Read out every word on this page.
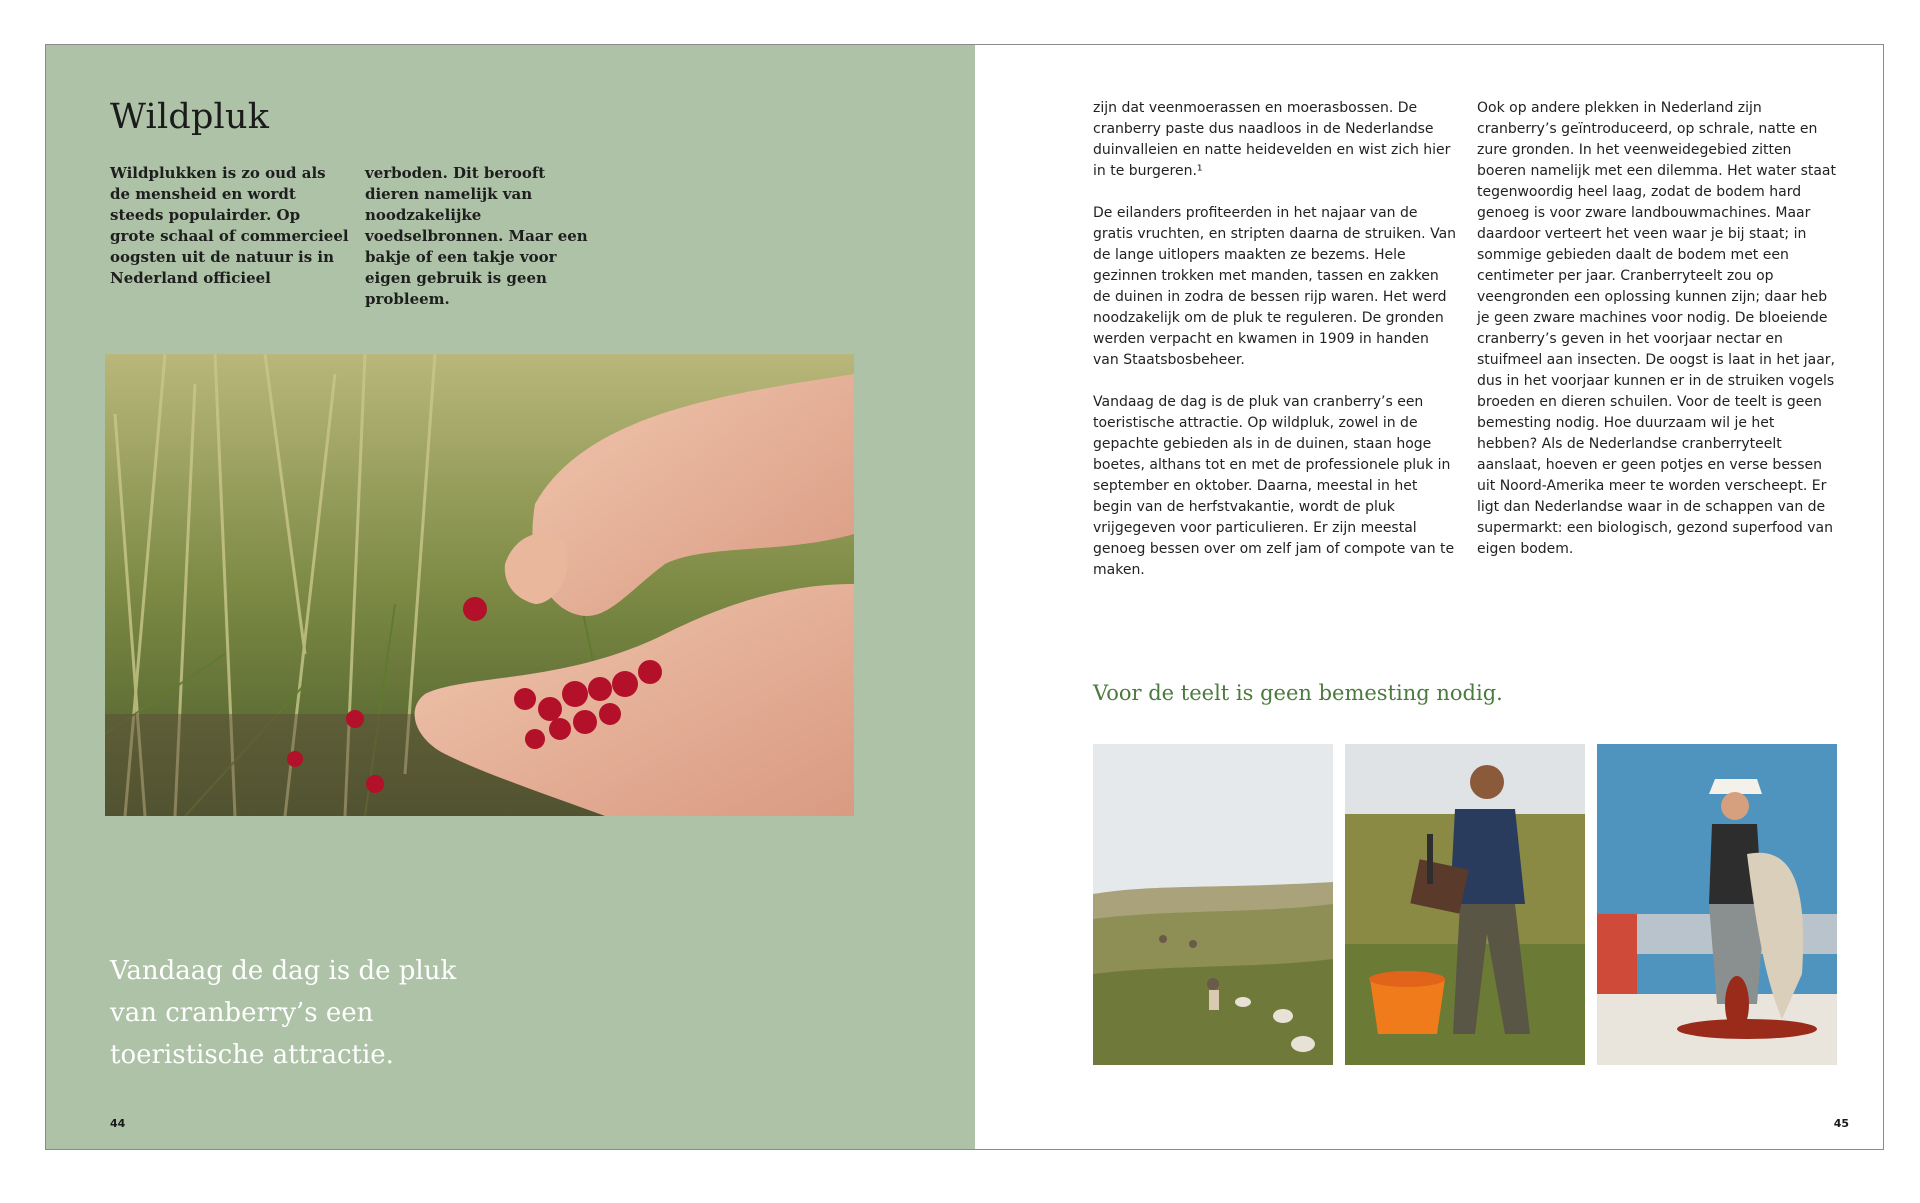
Wildpluk

Wildplukken is zo oud als de mensheid en wordt steeds populairder. Op grote schaal of commercieel oogsten uit de natuur is in Nederland officieel

verboden. Dit berooft dieren namelijk van noodzakelijke voedselbronnen. Maar een bakje of een takje voor eigen gebruik is geen probleem.

Vandaag de dag is de pluk van cranberry’s een toeristische attractie.

44

zijn dat veenmoerassen en moerasbossen. De cranberry paste dus naadloos in de Nederlandse duinvalleien en natte heidevelden en wist zich hier in te burgeren.¹

De eilanders profiteerden in het najaar van de gratis vruchten, en stripten daarna de struiken. Van de lange uitlopers maakten ze bezems. Hele gezinnen trokken met manden, tassen en zakken de duinen in zodra de bessen rijp waren. Het werd noodzakelijk om de pluk te reguleren. De gronden werden verpacht en kwamen in 1909 in handen van Staatsbosbeheer.

Vandaag de dag is de pluk van cranberry’s een toeristische attractie. Op wildpluk, zowel in de gepachte gebieden als in de duinen, staan hoge boetes, althans tot en met de professionele pluk in september en oktober. Daarna, meestal in het begin van de herfstvakantie, wordt de pluk vrijgegeven voor particulieren. Er zijn meestal genoeg bessen over om zelf jam of compote van te maken.

Ook op andere plekken in Nederland zijn cranberry’s geïntroduceerd, op schrale, natte en zure gronden. In het veenweidegebied zitten boeren namelijk met een dilemma. Het water staat tegenwoordig heel laag, zodat de bodem hard genoeg is voor zware landbouwmachines. Maar daardoor verteert het veen waar je bij staat; in sommige gebieden daalt de bodem met een centimeter per jaar. Cranberryteelt zou op veengronden een oplossing kunnen zijn; daar heb je geen zware machines voor nodig. De bloeiende cranberry’s geven in het voorjaar nectar en stuifmeel aan insecten. De oogst is laat in het jaar, dus in het voorjaar kunnen er in de struiken vogels broeden en dieren schuilen. Voor de teelt is geen bemesting nodig. Hoe duurzaam wil je het hebben? Als de Nederlandse cranberryteelt aanslaat, hoeven er geen potjes en verse bessen uit Noord-Amerika meer te worden verscheept. Er ligt dan Nederlandse waar in de schappen van de supermarkt: een biologisch, gezond superfood van eigen bodem.

Voor de teelt is geen bemesting nodig.

45
